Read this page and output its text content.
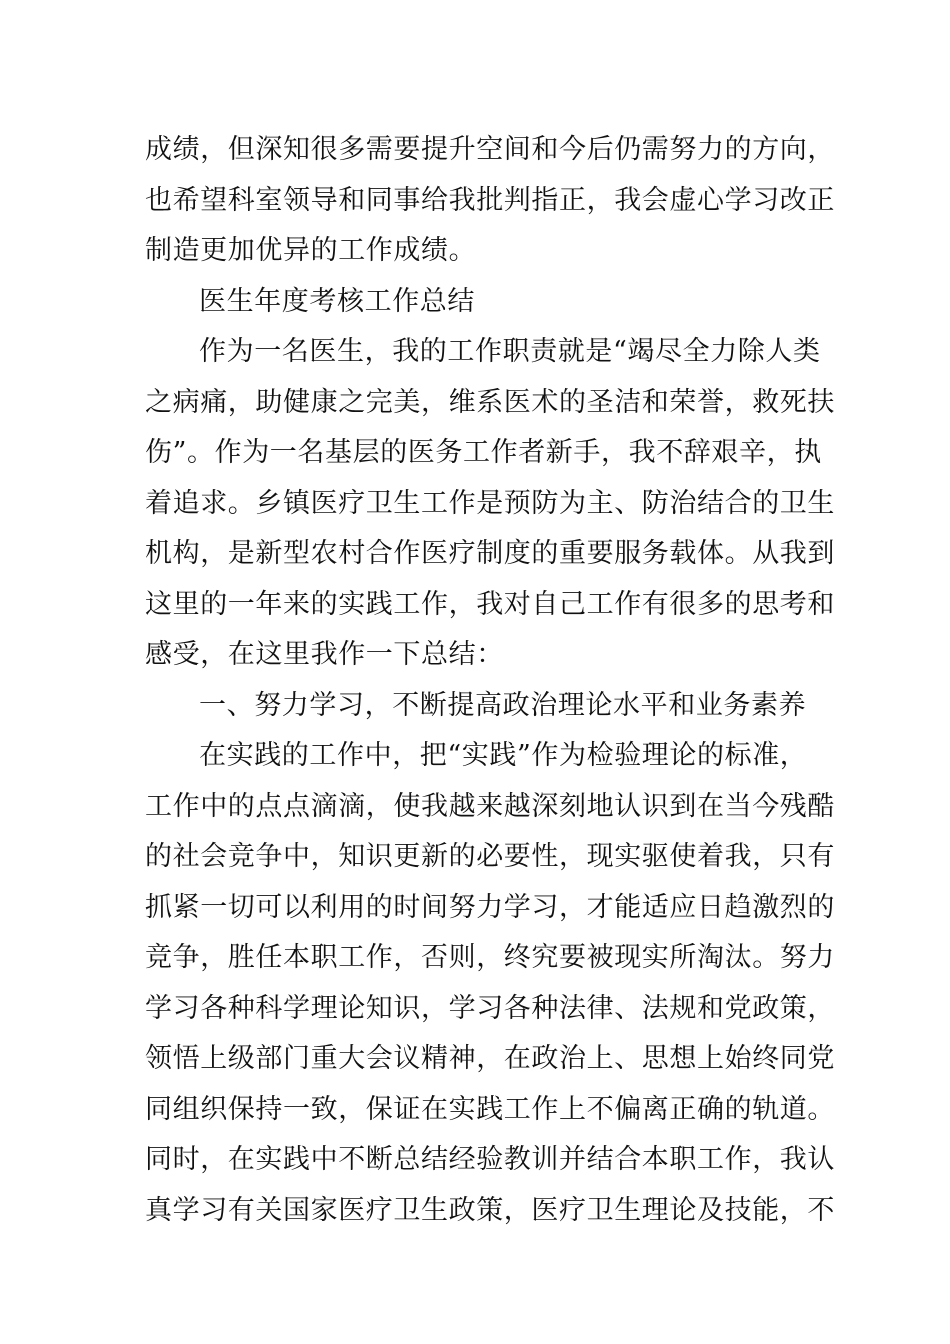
成绩，但深知很多需要提升空间和今后仍需努力的方向，
也希望科室领导和同事给我批判指正，我会虚心学习改正
制造更加优异的工作成绩。
医生年度考核工作总结
作为一名医生，我的工作职责就是“竭尽全力除人类
之病痛，助健康之完美，维系医术的圣洁和荣誉，救死扶
伤”。作为一名基层的医务工作者新手，我不辞艰辛，执
着追求。乡镇医疗卫生工作是预防为主、防治结合的卫生
机构，是新型农村合作医疗制度的重要服务载体。从我到
这里的一年来的实践工作，我对自己工作有很多的思考和
感受，在这里我作一下总结：
一、努力学习，不断提高政治理论水平和业务素养
在实践的工作中，把“实践”作为检验理论的标准，
工作中的点点滴滴，使我越来越深刻地认识到在当今残酷
的社会竞争中，知识更新的必要性，现实驱使着我，只有
抓紧一切可以利用的时间努力学习，才能适应日趋激烈的
竞争，胜任本职工作，否则，终究要被现实所淘汰。努力
学习各种科学理论知识，学习各种法律、法规和党政策，
领悟上级部门重大会议精神，在政治上、思想上始终同党
同组织保持一致，保证在实践工作上不偏离正确的轨道。
同时，在实践中不断总结经验教训并结合本职工作，我认
真学习有关国家医疗卫生政策，医疗卫生理论及技能，不
